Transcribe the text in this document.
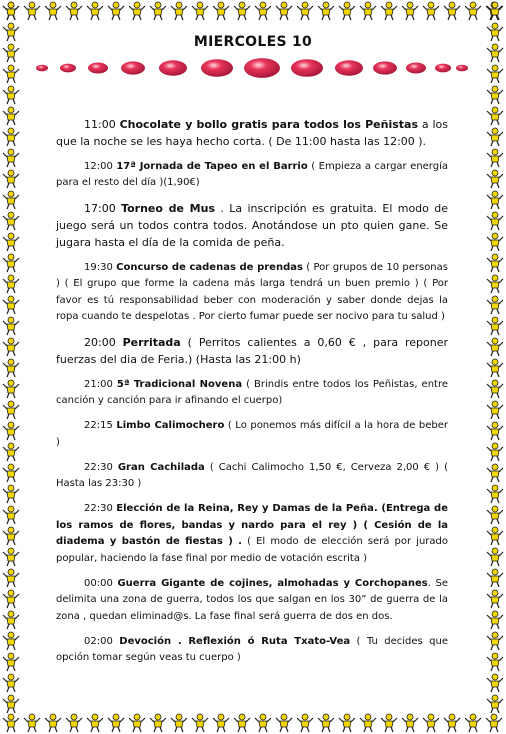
MIERCOLES 10

11:00 Chocolate y bollo gratis para todos los Peñistas a los que la noche se les haya hecho corta. ( De 11:00 hasta las 12:00 ).

12:00 17ª Jornada de Tapeo en el Barrio ( Empieza a cargar energía para el resto del día )(1,90€)

17:00 Torneo de Mus . La inscripción es gratuita. El modo de juego será un todos contra todos. Anotándose un pto quien gane. Se jugara hasta el día de la comida de peña.

19:30 Concurso de cadenas de prendas ( Por grupos de 10 personas ) ( El grupo que forme la cadena más larga tendrá un buen premio ) ( Por favor es tú responsabilidad beber con moderación y saber donde dejas la ropa cuando te despelotas . Por cierto fumar puede ser nocivo para tu salud )

20:00 Perritada ( Perritos calientes a 0,60 € , para reponer fuerzas del dia de Feria.) (Hasta las 21:00 h)

21:00 5ª Tradicional Novena ( Brindis entre todos los Peñistas, entre canción y canción para ir afinando el cuerpo)

22:15 Limbo Calimochero ( Lo ponemos más difícil a la hora de beber )

22:30 Gran Cachilada ( Cachi Calimocho 1,50 €, Cerveza 2,00 € ) ( Hasta las 23:30 )

22:30 Elección de la Reina, Rey y Damas de la Peña. (Entrega de los ramos de flores, bandas y nardo para el rey ) ( Cesión de la diadema y bastón de fiestas ) . ( El modo de elección será por jurado popular, haciendo la fase final por medio de votación escrita )

00:00 Guerra Gigante de cojines, almohadas y Corchopanes. Se delimita una zona de guerra, todos los que salgan en los 30” de guerra de la zona , quedan eliminad@s. La fase final será guerra de dos en dos.

02:00 Devoción . Reflexión ó Ruta Txato-Vea ( Tu decides que opción tomar según veas tu cuerpo )
